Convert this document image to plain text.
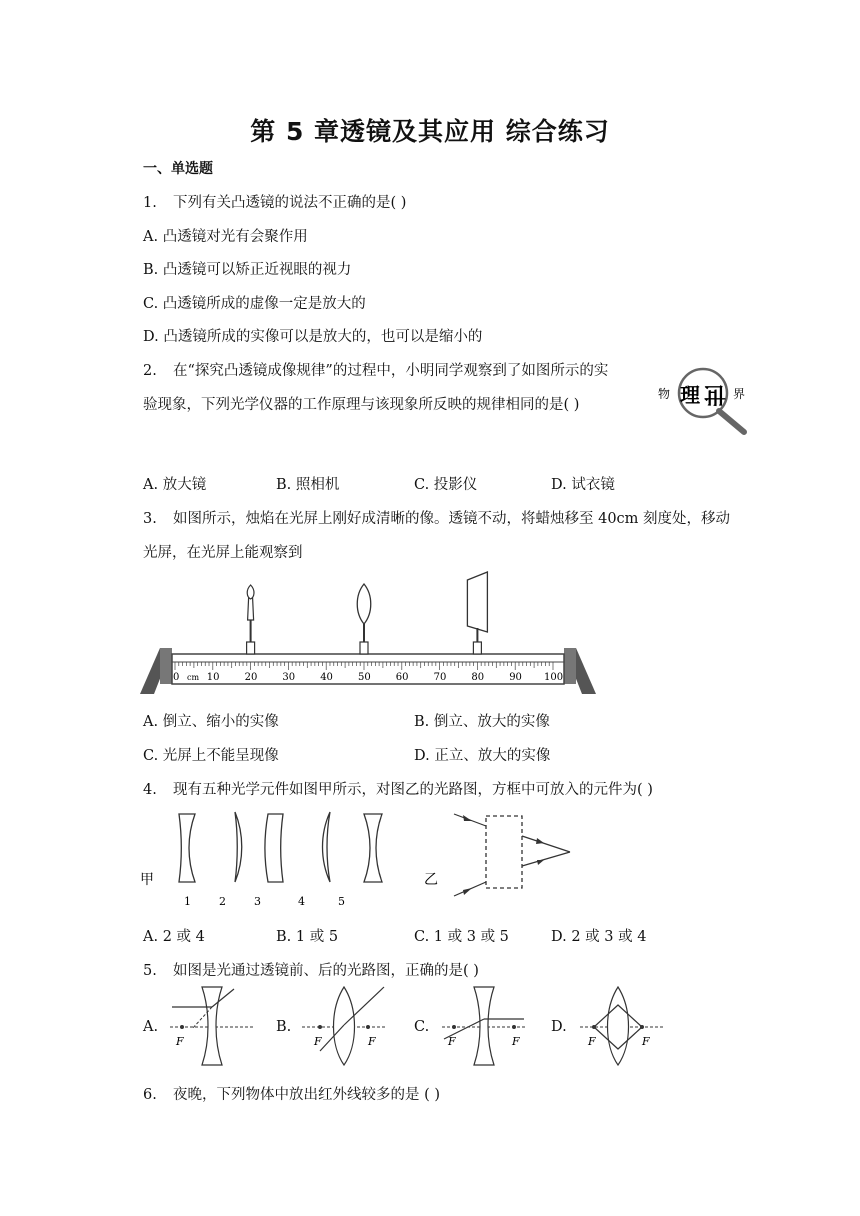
第 5 章透镜及其应用 综合练习
一、单选题
1. 下列有关凸透镜的说法不正确的是( )
A. 凸透镜对光有会聚作用
B. 凸透镜可以矫正近视眼的视力
C. 凸透镜所成的虚像一定是放大的
D. 凸透镜所成的实像可以是放大的，也可以是缩小的
2. 在“探究凸透镜成像规律”的过程中，小明同学观察到了如图所示的实
验现象，下列光学仪器的工作原理与该现象所反映的规律相同的是( )
物 理 世 界
A. 放大镜	B. 照相机	C. 投影仪	D. 试衣镜
3. 如图所示，烛焰在光屏上刚好成清晰的像。透镜不动，将蜡烛移至 40cm 刻度处，移动
光屏，在光屏上能观察到
0	10	20	30	40	50	60	70	80	90 100
cm
A. 倒立、缩小的实像	B. 倒立、放大的实像
C. 光屏上不能呈现像	D. 正立、放大的实像
4. 现有五种光学元件如图甲所示，对图乙的光路图，方框中可放入的元件为( )
甲
1	2	3	4	5
乙
A. 2 或 4	B. 1 或 5	C. 1 或 3 或 5	D. 2 或 3 或 4
5. 如图是光通过透镜前、后的光路图，正确的是( )
A.	B.	C.	D.
F	F	F	F	F	F	F
6. 夜晚，下列物体中放出红外线较多的是 ( )
